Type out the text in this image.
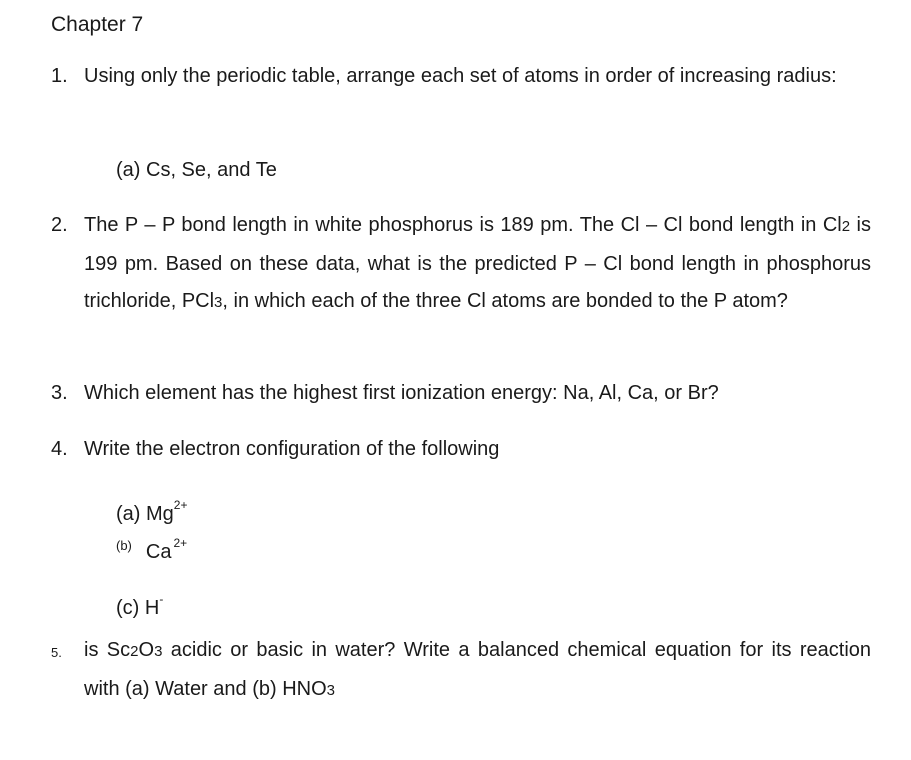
Chapter 7
1. Using only the periodic table, arrange each set of atoms in order of increasing radius:
(a) Cs, Se, and Te
2. The P – P bond length in white phosphorus is 189 pm. The Cl – Cl bond length in Cl2 is 199 pm. Based on these data, what is the predicted P – Cl bond length in phosphorus trichloride, PCl3, in which each of the three Cl atoms are bonded to the P atom?
3. Which element has the highest first ionization energy: Na, Al, Ca, or Br?
4. Write the electron configuration of the following
(a) $Mg^{2+}$
$^{(b)}$ Ca $^{2+}$
(c) H-
5. is Sc2O3 acidic or basic in water? Write a balanced chemical equation for its reaction with (a) Water and (b) HNO3
